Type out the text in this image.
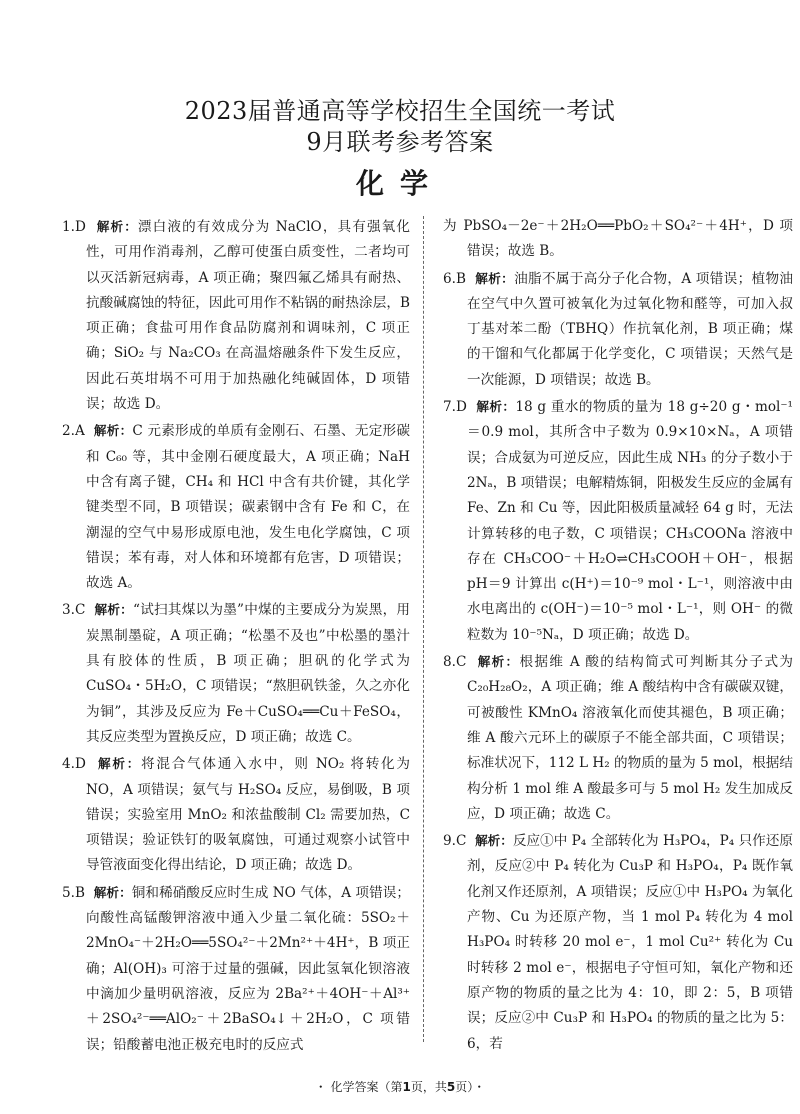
2023届普通高等学校招生全国统一考试
9月联考参考答案
化学

1.D 解析：漂白液的有效成分为 NaClO，具有强氧化性，可用作消毒剂，乙醇可使蛋白质变性，二者均可以灭活新冠病毒，A 项正确；聚四氟乙烯具有耐热、抗酸碱腐蚀的特征，因此可用作不粘锅的耐热涂层，B 项正确；食盐可用作食品防腐剂和调味剂，C 项正确；SiO₂ 与 Na₂CO₃ 在高温熔融条件下发生反应，因此石英坩埚不可用于加热融化纯碱固体，D 项错误；故选 D。

2.A 解析：C 元素形成的单质有金刚石、石墨、无定形碳和 C₆₀ 等，其中金刚石硬度最大，A 项正确；NaH 中含有离子键，CH₄ 和 HCl 中含有共价键，其化学键类型不同，B 项错误；碳素钢中含有 Fe 和 C，在潮湿的空气中易形成原电池，发生电化学腐蚀，C 项错误；苯有毒，对人体和环境都有危害，D 项错误；故选 A。

3.C 解析：“试扫其煤以为墨”中煤的主要成分为炭黑，用炭黑制墨碇，A 项正确；“松墨不及也”中松墨的墨汁具有胶体的性质，B 项正确；胆矾的化学式为 CuSO₄・5H₂O，C 项错误；“熬胆矾铁釜，久之亦化为铜”，其涉及反应为 Fe＋CuSO₄══Cu＋FeSO₄，其反应类型为置换反应，D 项正确；故选 C。

4.D 解析：将混合气体通入水中，则 NO₂ 将转化为 NO，A 项错误；氨气与 H₂SO₄ 反应，易倒吸，B 项错误；实验室用 MnO₂ 和浓盐酸制 Cl₂ 需要加热，C 项错误；验证铁钉的吸氧腐蚀，可通过观察小试管中导管液面变化得出结论，D 项正确；故选 D。

5.B 解析：铜和稀硝酸反应时生成 NO 气体，A 项错误；向酸性高锰酸钾溶液中通入少量二氧化硫：5SO₂＋2MnO₄⁻＋2H₂O══5SO₄²⁻＋2Mn²⁺＋4H⁺，B 项正确；Al(OH)₃ 可溶于过量的强碱，因此氢氧化钡溶液中滴加少量明矾溶液，反应为 2Ba²⁺＋4OH⁻＋Al³⁺＋2SO₄²⁻══AlO₂⁻＋2BaSO₄↓＋2H₂O，C 项错误；铅酸蓄电池正极充电时的反应式

为 PbSO₄－2e⁻＋2H₂O══PbO₂＋SO₄²⁻＋4H⁺，D 项错误；故选 B。

6.B 解析：油脂不属于高分子化合物，A 项错误；植物油在空气中久置可被氧化为过氧化物和醛等，可加入叔丁基对苯二酚（TBHQ）作抗氧化剂，B 项正确；煤的干馏和气化都属于化学变化，C 项错误；天然气是一次能源，D 项错误；故选 B。

7.D 解析：18 g 重水的物质的量为 18 g÷20 g・mol⁻¹＝0.9 mol，其所含中子数为 0.9×10×Nₐ，A 项错误；合成氨为可逆反应，因此生成 NH₃ 的分子数小于 2Nₐ，B 项错误；电解精炼铜，阳极发生反应的金属有 Fe、Zn 和 Cu 等，因此阳极质量减轻 64 g 时，无法计算转移的电子数，C 项错误；CH₃COONa 溶液中存在 CH₃COO⁻＋H₂O⇌CH₃COOH＋OH⁻，根据 pH＝9 计算出 c(H⁺)＝10⁻⁹ mol・L⁻¹，则溶液中由水电离出的 c(OH⁻)＝10⁻⁵ mol・L⁻¹，则 OH⁻ 的微粒数为 10⁻⁵Nₐ，D 项正确；故选 D。

8.C 解析：根据维 A 酸的结构简式可判断其分子式为 C₂₀H₂₈O₂，A 项正确；维 A 酸结构中含有碳碳双键，可被酸性 KMnO₄ 溶液氧化而使其褪色，B 项正确；维 A 酸六元环上的碳原子不能全部共面，C 项错误；标准状况下，112 L H₂ 的物质的量为 5 mol，根据结构分析 1 mol 维 A 酸最多可与 5 mol H₂ 发生加成反应，D 项正确；故选 C。

9.C 解析：反应①中 P₄ 全部转化为 H₃PO₄，P₄ 只作还原剂，反应②中 P₄ 转化为 Cu₃P 和 H₃PO₄，P₄ 既作氧化剂又作还原剂，A 项错误；反应①中 H₃PO₄ 为氧化产物、Cu 为还原产物，当 1 mol P₄ 转化为 4 mol H₃PO₄ 时转移 20 mol e⁻，1 mol Cu²⁺ 转化为 Cu 时转移 2 mol e⁻，根据电子守恒可知，氧化产物和还原产物的物质的量之比为 4：10，即 2：5，B 项错误；反应②中 Cu₃P 和 H₃PO₄ 的物质的量之比为 5：6，若

・ 化学答案（第1页，共5页）・
